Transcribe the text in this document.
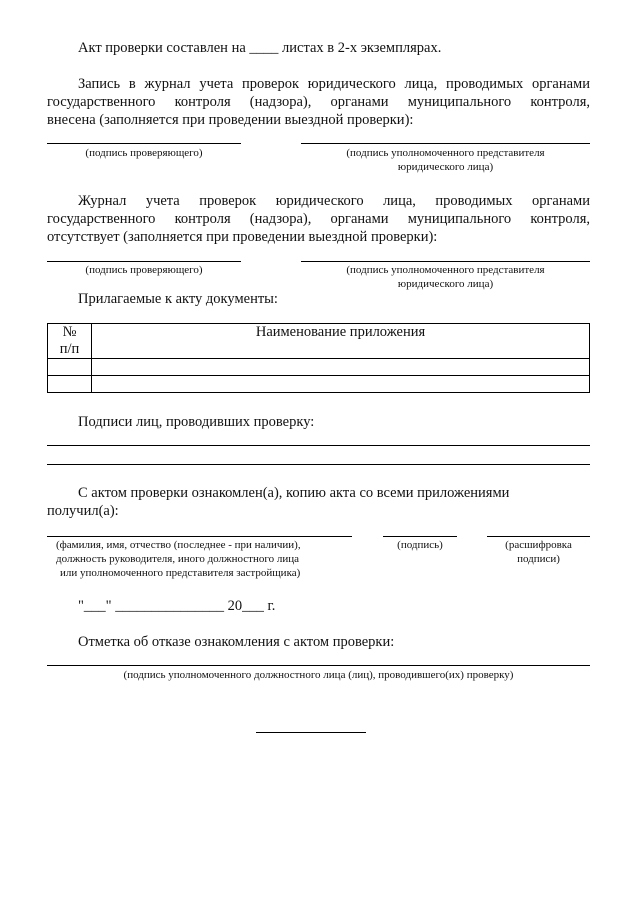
Акт проверки составлен на ____ листах в 2-х экземплярах.
Запись в журнал учета проверок юридического лица, проводимых органами
государственного контроля (надзора), органами муниципального контроля,
внесена (заполняется при проведении выездной проверки):
(подпись проверяющего)	(подпись уполномоченного представителя
юридического лица)
Журнал учета проверок юридического лица, проводимых органами
государственного контроля (надзора), органами муниципального контроля,
отсутствует (заполняется при проведении выездной проверки):
(подпись проверяющего)	(подпись уполномоченного представителя
юридического лица)
Прилагаемые к акту документы:
№
п/п	Наименование приложения

Подписи лиц, проводивших проверку:
С актом проверки ознакомлен(а), копию акта со всеми приложениями
получил(а):
(фамилия, имя, отчество (последнее - при наличии),
должность руководителя, иного должностного лица
или уполномоченного представителя застройщика)
(подпись)	(расшифровка
подписи)
"___" _______________ 20___ г.
Отметка об отказе ознакомления с актом проверки:
(подпись уполномоченного должностного лица (лиц), проводившего(их) проверку)
